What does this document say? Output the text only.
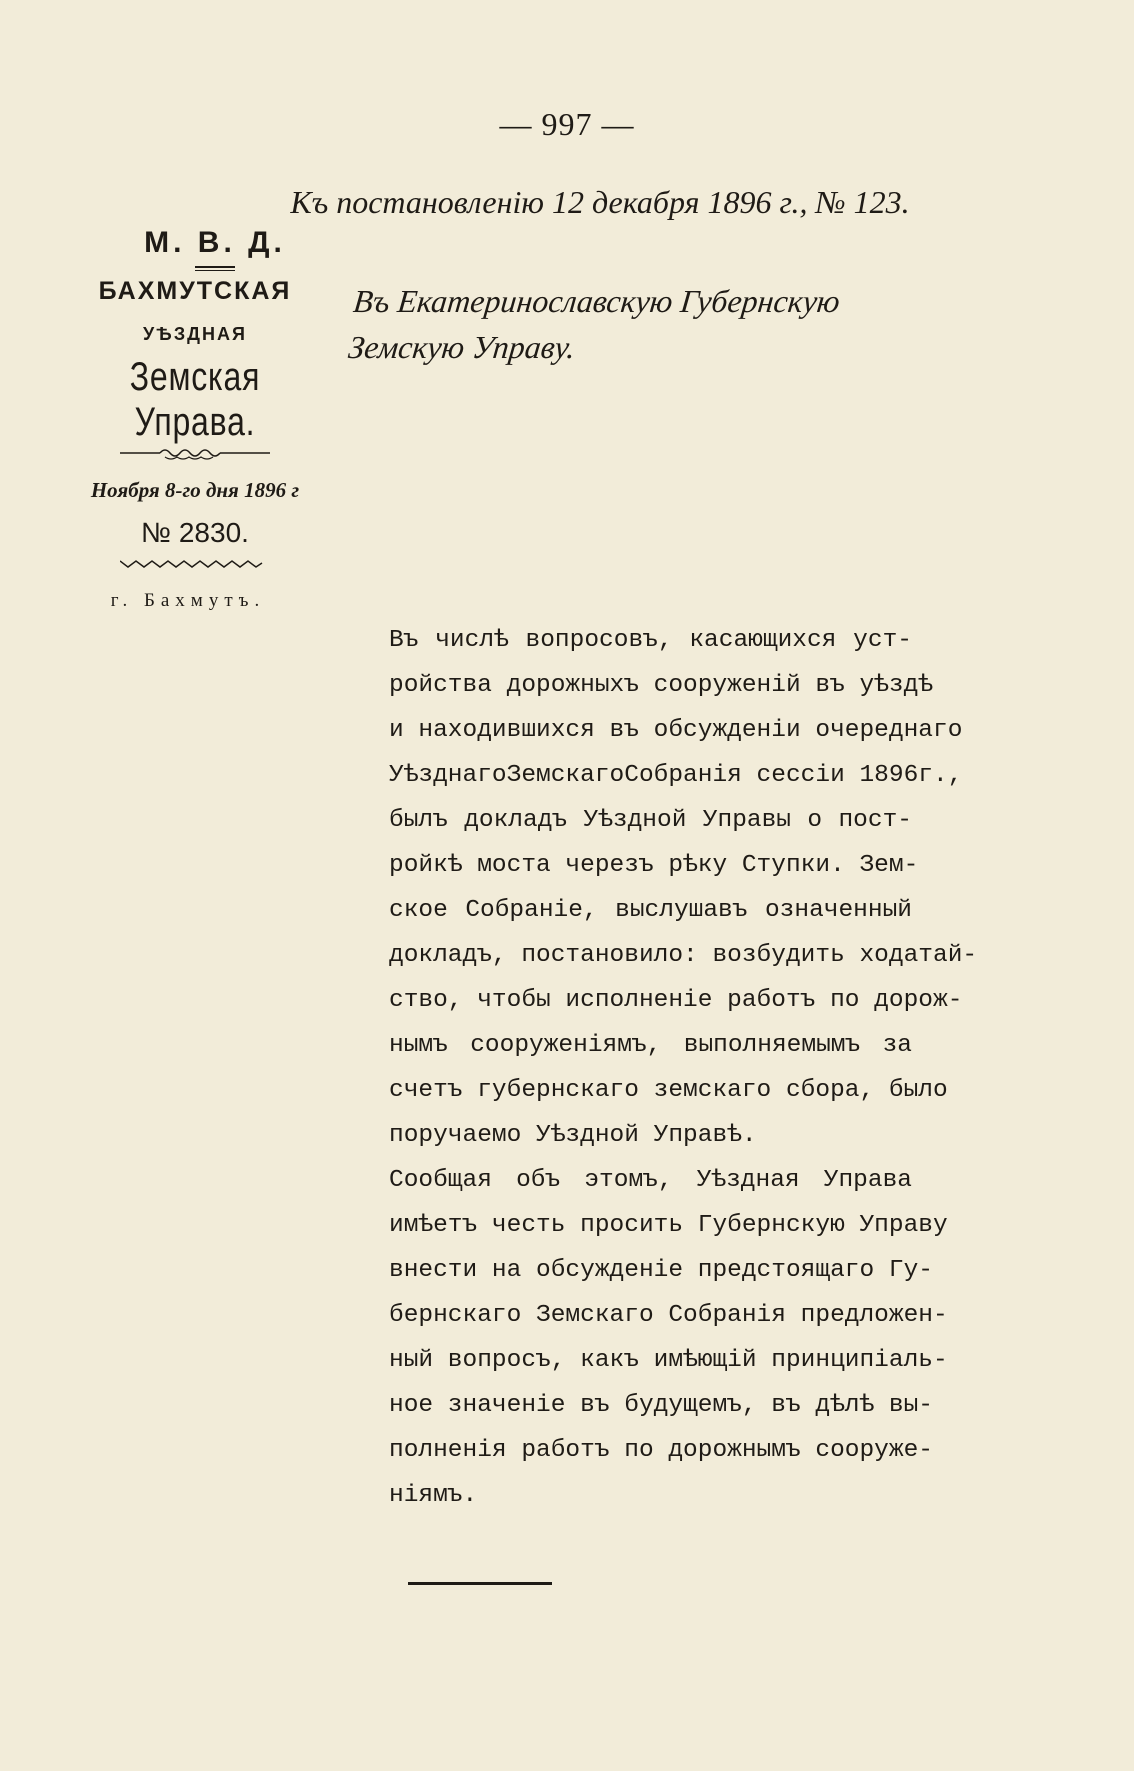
— 997 —
Къ постановленію 12 декабря 1896 г., № 123.
М. В. Д.
БАХМУТСКАЯ
УѢЗДНАЯ
Земская Управа.
Ноября 8-го дня 1896 г
№ 2830.
г. Бахмутъ.
Въ Екатеринославскую Губернскую
Земскую Управу.

Въ числѣ вопросовъ, касающихся уст-
ройства дорожныхъ сооруженій въ уѣздѣ
и находившихся въ обсужденіи очереднаго
УѣзднагоЗемскагоСобранія сессіи 1896г.,
былъ докладъ Уѣздной Управы о пост-
ройкѣ моста черезъ рѣку Ступки. Зем-
ское Собраніе, выслушавъ означенный
докладъ, постановило: возбудить ходатай-
ство, чтобы исполненіе работъ по дорож-
нымъ сооруженіямъ, выполняемымъ за
счетъ губернскаго земскаго сбора, было
поручаемо Уѣздной Управѣ.

Сообщая объ этомъ, Уѣздная Управа
имѣетъ честь просить Губернскую Управу
внести на обсужденіе предстоящаго Гу-
бернскаго Земскаго Собранія предложен-
ный вопросъ, какъ имѣющій принципіаль-
ное значеніе въ будущемъ, въ дѣлѣ вы-
полненія работъ по дорожнымъ сооруже-
ніямъ.
